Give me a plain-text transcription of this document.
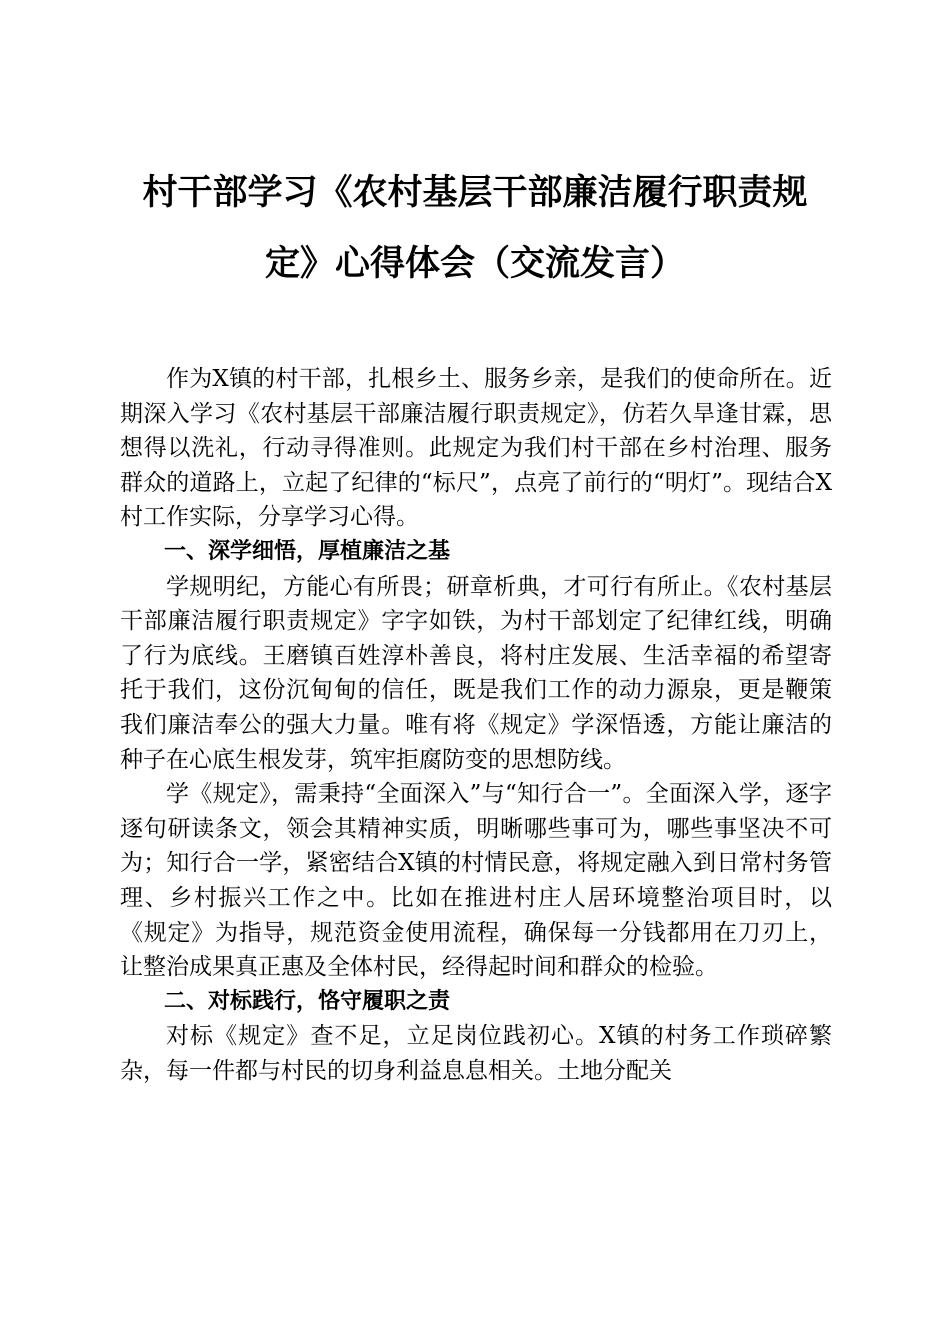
村干部学习《农村基层干部廉洁履行职责规
定》心得体会（交流发言）

作为X镇的村干部，扎根乡土、服务乡亲，是我们的使命所在。近期深入学习《农村基层干部廉洁履行职责规定》，仿若久旱逢甘霖，思想得以洗礼，行动寻得准则。此规定为我们村干部在乡村治理、服务群众的道路上，立起了纪律的“标尺”，点亮了前行的“明灯”。现结合X村工作实际，分享学习心得。

一、深学细悟，厚植廉洁之基

学规明纪，方能心有所畏；研章析典，才可行有所止。《农村基层干部廉洁履行职责规定》字字如铁，为村干部划定了纪律红线，明确了行为底线。王磨镇百姓淳朴善良，将村庄发展、生活幸福的希望寄托于我们，这份沉甸甸的信任，既是我们工作的动力源泉，更是鞭策我们廉洁奉公的强大力量。唯有将《规定》学深悟透，方能让廉洁的种子在心底生根发芽，筑牢拒腐防变的思想防线。

学《规定》，需秉持“全面深入”与“知行合一”。全面深入学，逐字逐句研读条文，领会其精神实质，明晰哪些事可为，哪些事坚决不可为；知行合一学，紧密结合X镇的村情民意，将规定融入到日常村务管理、乡村振兴工作之中。比如在推进村庄人居环境整治项目时，以《规定》为指导，规范资金使用流程，确保每一分钱都用在刀刃上，让整治成果真正惠及全体村民，经得起时间和群众的检验。

二、对标践行，恪守履职之责

对标《规定》查不足，立足岗位践初心。X镇的村务工作琐碎繁杂，每一件都与村民的切身利益息息相关。土地分配关
